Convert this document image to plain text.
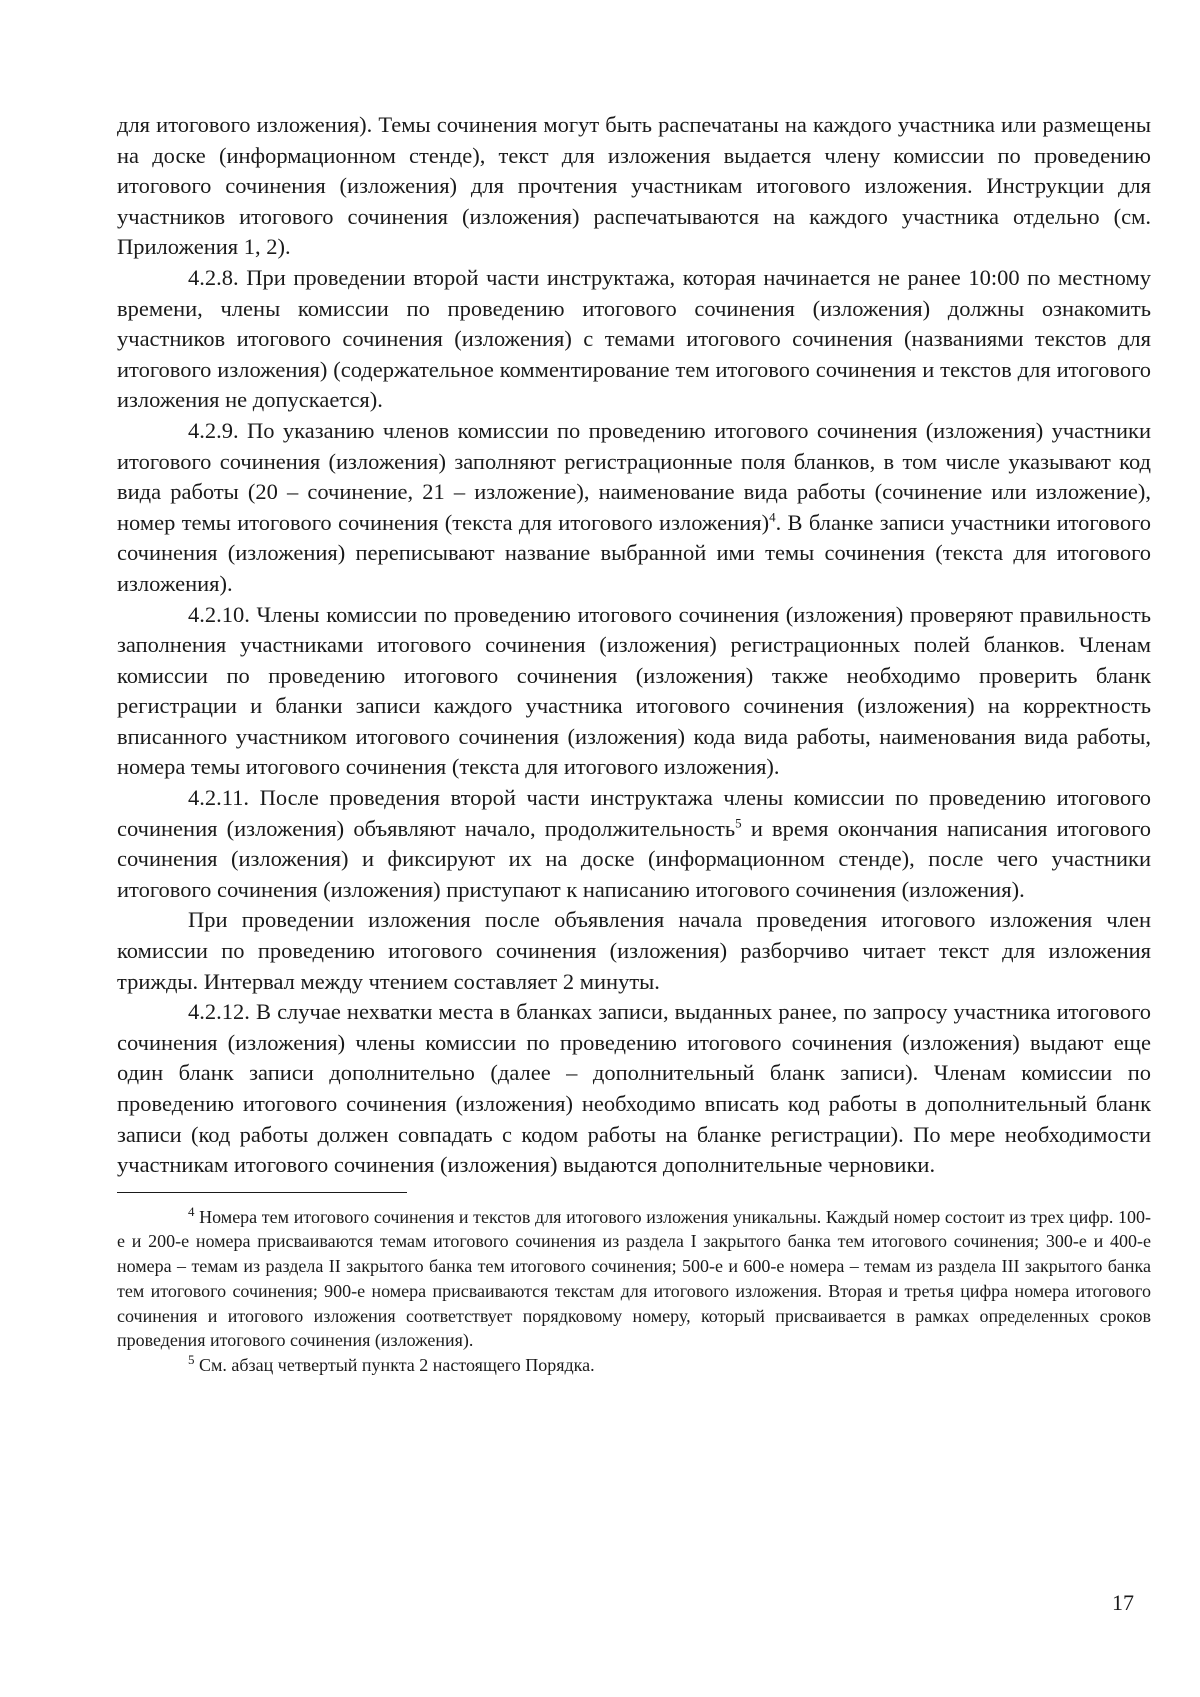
для итогового изложения). Темы сочинения могут быть распечатаны на каждого участника или размещены на доске (информационном стенде), текст для изложения выдается члену комиссии по проведению итогового сочинения (изложения) для прочтения участникам итогового изложения. Инструкции для участников итогового сочинения (изложения) распечатываются на каждого участника отдельно (см. Приложения 1, 2).

4.2.8. При проведении второй части инструктажа, которая начинается не ранее 10:00 по местному времени, члены комиссии по проведению итогового сочинения (изложения) должны ознакомить участников итогового сочинения (изложения) с темами итогового сочинения (названиями текстов для итогового изложения) (содержательное комментирование тем итогового сочинения и текстов для итогового изложения не допускается).

4.2.9. По указанию членов комиссии по проведению итогового сочинения (изложения) участники итогового сочинения (изложения) заполняют регистрационные поля бланков, в том числе указывают код вида работы (20 – сочинение, 21 – изложение), наименование вида работы (сочинение или изложение), номер темы итогового сочинения (текста для итогового изложения)$^4$. В бланке записи участники итогового сочинения (изложения) переписывают название выбранной ими темы сочинения (текста для итогового изложения).

4.2.10. Члены комиссии по проведению итогового сочинения (изложения) проверяют правильность заполнения участниками итогового сочинения (изложения) регистрационных полей бланков. Членам комиссии по проведению итогового сочинения (изложения) также необходимо проверить бланк регистрации и бланки записи каждого участника итогового сочинения (изложения) на корректность вписанного участником итогового сочинения (изложения) кода вида работы, наименования вида работы, номера темы итогового сочинения (текста для итогового изложения).

4.2.11. После проведения второй части инструктажа члены комиссии по проведению итогового сочинения (изложения) объявляют начало, продолжительность$^5$ и время окончания написания итогового сочинения (изложения) и фиксируют их на доске (информационном стенде), после чего участники итогового сочинения (изложения) приступают к написанию итогового сочинения (изложения).

При проведении изложения после объявления начала проведения итогового изложения член комиссии по проведению итогового сочинения (изложения) разборчиво читает текст для изложения трижды. Интервал между чтением составляет 2 минуты.

4.2.12. В случае нехватки места в бланках записи, выданных ранее, по запросу участника итогового сочинения (изложения) члены комиссии по проведению итогового сочинения (изложения) выдают еще один бланк записи дополнительно (далее – дополнительный бланк записи). Членам комиссии по проведению итогового сочинения (изложения) необходимо вписать код работы в дополнительный бланк записи (код работы должен совпадать с кодом работы на бланке регистрации). По мере необходимости участникам итогового сочинения (изложения) выдаются дополнительные черновики.

$^4$ Номера тем итогового сочинения и текстов для итогового изложения уникальны. Каждый номер состоит из трех цифр. 100-е и 200-е номера присваиваются темам итогового сочинения из раздела I закрытого банка тем итогового сочинения; 300-е и 400-е номера – темам из раздела II закрытого банка тем итогового сочинения; 500-е и 600-е номера – темам из раздела III закрытого банка тем итогового сочинения; 900-е номера присваиваются текстам для итогового изложения. Вторая и третья цифра номера итогового сочинения и итогового изложения соответствует порядковому номеру, который присваивается в рамках определенных сроков проведения итогового сочинения (изложения).

$^5$ См. абзац четвертый пункта 2 настоящего Порядка.

17
